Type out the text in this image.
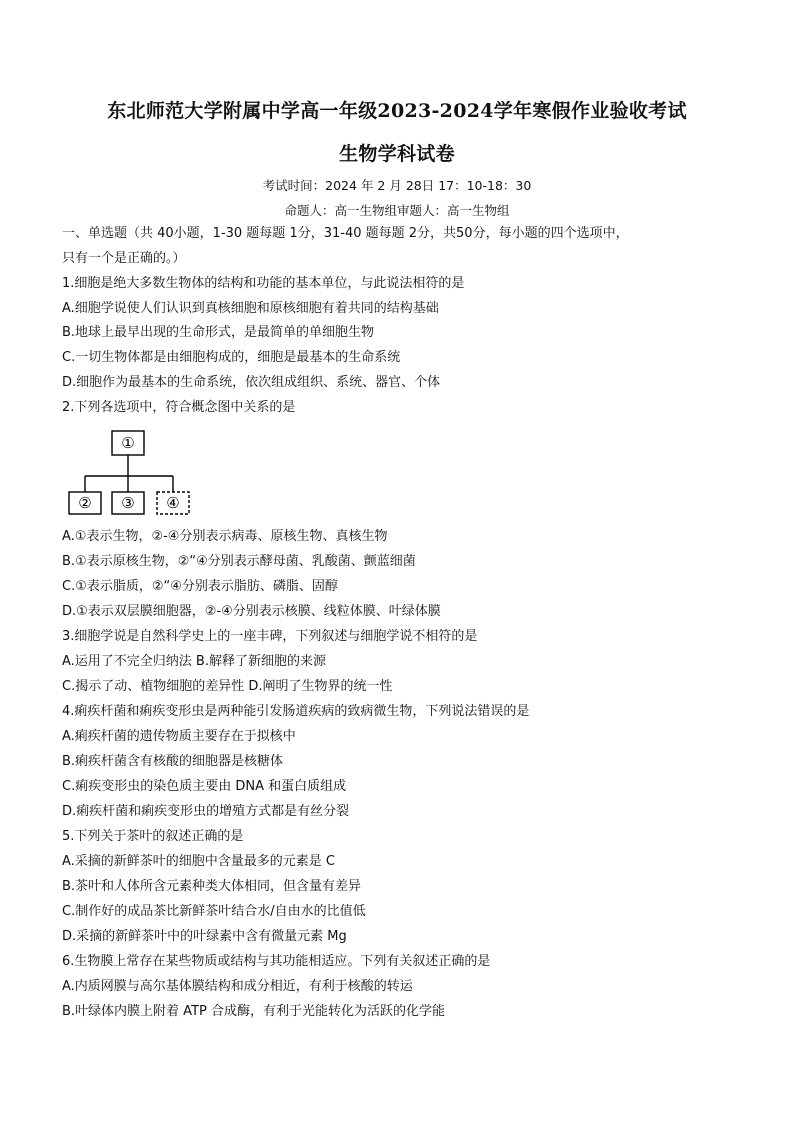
东北师范大学附属中学高一年级2023-2024学年寒假作业验收考试
生物学科试卷
考试时间：2024 年 2 月 28日 17：10-18：30
命题人：高一生物组审题人：高一生物组
一、单选题（共 40小题，1-30 题每题 1分，31-40 题每题 2分，共50分，每小题的四个选项中，
只有一个是正确的。）
1.细胞是绝大多数生物体的结构和功能的基本单位，与此说法相符的是
A.细胞学说使人们认识到真核细胞和原核细胞有着共同的结构基础
B.地球上最早出现的生命形式，是最简单的单细胞生物
C.一切生物体都是由细胞构成的，细胞是最基本的生命系统
D.细胞作为最基本的生命系统，依次组成组织、系统、器官、个体
2.下列各选项中，符合概念图中关系的是
①
② ③ ④
A.①表示生物，②-④分别表示病毒、原核生物、真核生物
B.①表示原核生物，②“④分别表示酵母菌、乳酸菌、颤蓝细菌
C.①表示脂质，②“④分别表示脂肪、磷脂、固醇
D.①表示双层膜细胞器，②-④分别表示核膜、线粒体膜、叶绿体膜
3.细胞学说是自然科学史上的一座丰碑，下列叙述与细胞学说不相符的是
A.运用了不完全归纳法 B.解释了新细胞的来源
C.揭示了动、植物细胞的差异性 D.阐明了生物界的统一性
4.痢疾杆菌和痢疾变形虫是两种能引发肠道疾病的致病微生物，下列说法错误的是
A.痢疾杆菌的遗传物质主要存在于拟核中
B.痢疾杆菌含有核酸的细胞器是核糖体
C.痢疾变形虫的染色质主要由 DNA 和蛋白质组成
D.痢疾杆菌和痢疾变形虫的增殖方式都是有丝分裂
5.下列关于茶叶的叙述正确的是
A.采摘的新鲜茶叶的细胞中含量最多的元素是 C
B.茶叶和人体所含元素种类大体相同，但含量有差异
C.制作好的成品茶比新鲜茶叶结合水/自由水的比值低
D.采摘的新鲜茶叶中的叶绿素中含有微量元素 Mg
6.生物膜上常存在某些物质或结构与其功能相适应。下列有关叙述正确的是
A.内质网膜与高尔基体膜结构和成分相近，有利于核酸的转运
B.叶绿体内膜上附着 ATP 合成酶，有利于光能转化为活跃的化学能
